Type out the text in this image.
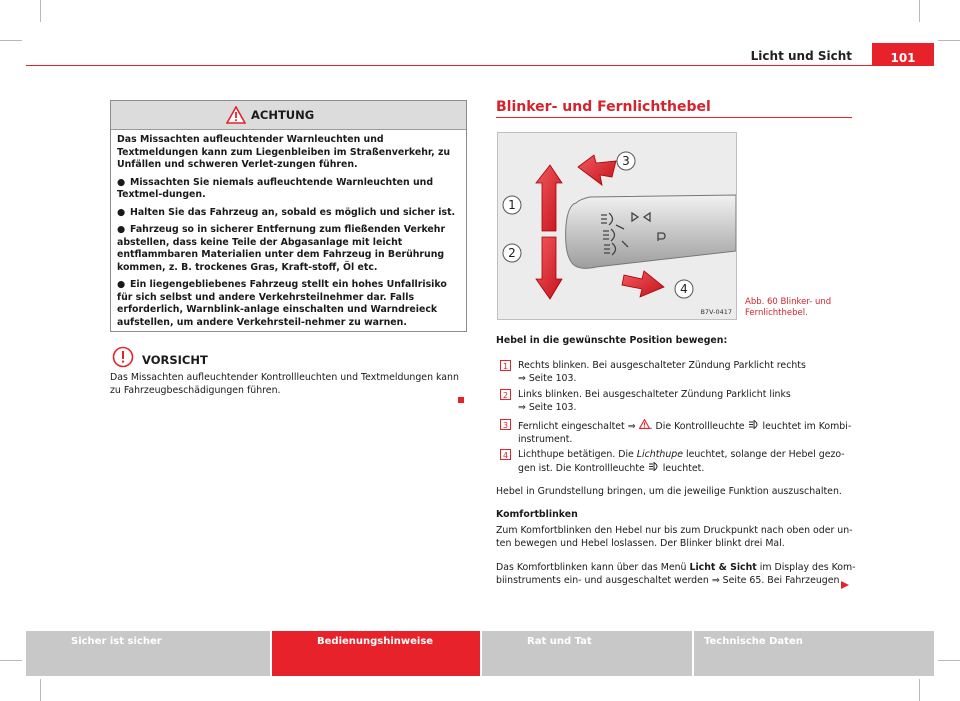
Licht und Sicht	101
ACHTUNG

Das Missachten aufleuchtender Warnleuchten und Textmeldungen kann zum Liegenbleiben im Straßenverkehr, zu Unfällen und schweren Verlet-zungen führen.

● Missachten Sie niemals aufleuchtende Warnleuchten und Textmel-dungen.

● Halten Sie das Fahrzeug an, sobald es möglich und sicher ist.

● Fahrzeug so in sicherer Entfernung zum fließenden Verkehr abstellen, dass keine Teile der Abgasanlage mit leicht entflammbaren Materialien unter dem Fahrzeug in Berührung kommen, z. B. trockenes Gras, Kraft-stoff, Öl etc.

● Ein liegengebliebenes Fahrzeug stellt ein hohes Unfallrisiko für sich selbst und andere Verkehrsteilnehmer dar. Falls erforderlich, Warnblink-anlage einschalten und Warndreieck aufstellen, um andere Verkehrsteil-nehmer zu warnen.

VORSICHT
Das Missachten aufleuchtender Kontrollleuchten und Textmeldungen kann zu Fahrzeugbeschädigungen führen.
Blinker- und Fernlichthebel
1
2
3
4
B7V-0417
Abb. 60 Blinker- und Fernlichthebel.
Hebel in die gewünschte Position bewegen:
1	Rechts blinken. Bei ausgeschalteter Zündung Parklicht rechts
⇒ Seite 103.
2	Links blinken. Bei ausgeschalteter Zündung Parklicht links
⇒ Seite 103.
3	Fernlicht eingeschaltet ⇒ . Die Kontrollleuchte  leuchtet im Kombi-
instrument.
4	Lichthupe betätigen. Die Lichthupe leuchtet, solange der Hebel gezo-
gen ist. Die Kontrollleuchte  leuchtet.
Hebel in Grundstellung bringen, um die jeweilige Funktion auszuschalten.
Komfortblinken
Zum Komfortblinken den Hebel nur bis zum Druckpunkt nach oben oder un-ten bewegen und Hebel loslassen. Der Blinker blinkt drei Mal.
Das Komfortblinken kann über das Menü Licht & Sicht im Display des Kom-
biinstruments ein- und ausgeschaltet werden ⇒ Seite 65. Bei Fahrzeugen
Sicher ist sicher	Bedienungshinweise	Rat und Tat	Technische Daten
